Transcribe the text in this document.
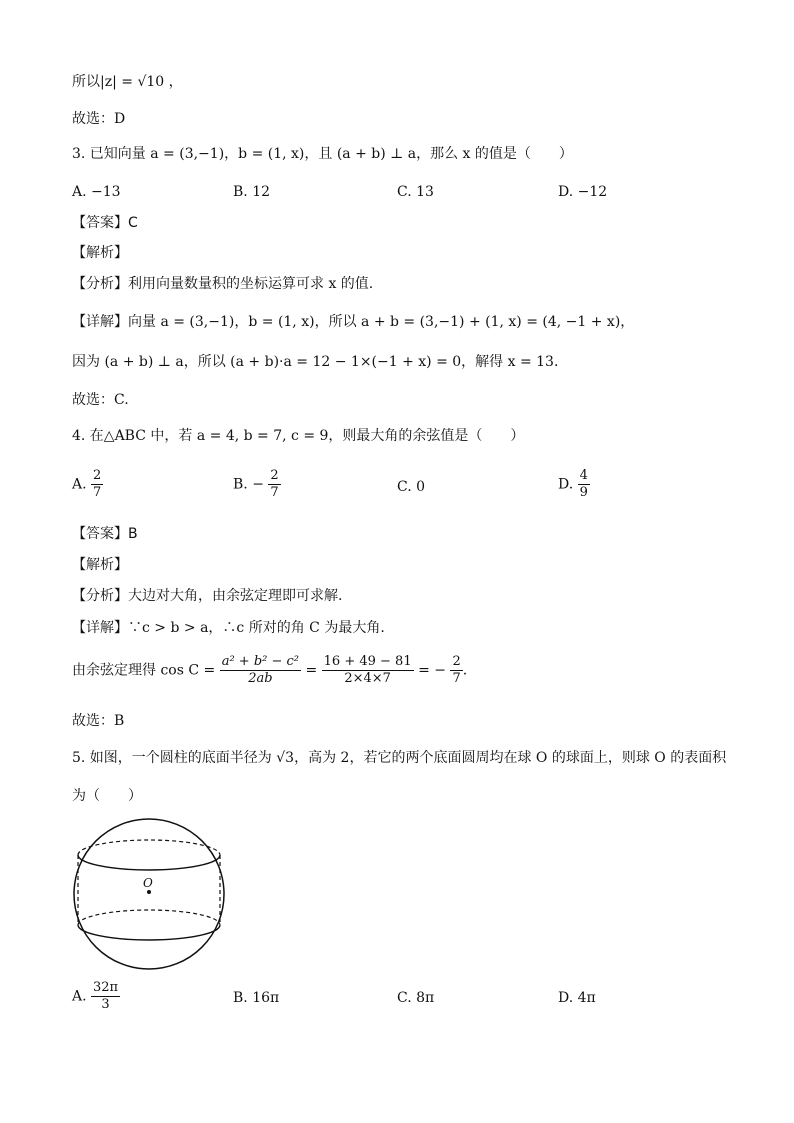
所以|z| = √10 ，
故选：D
3. 已知向量 a = (3,−1)，b = (1, x)，且 (a + b) ⊥ a，那么 x 的值是（　　）
A. −13	B. 12	C. 13	D. −12
【答案】C
【解析】
【分析】利用向量数量积的坐标运算可求 x 的值.
【详解】向量 a = (3,−1)，b = (1, x)，所以 a + b = (3,−1) + (1, x) = (4, −1 + x)，
因为 (a + b) ⊥ a，所以 (a + b)·a = 12 − 1×(−1 + x) = 0，解得 x = 13.
故选：C.
4. 在△ABC 中，若 a = 4, b = 7, c = 9，则最大角的余弦值是（　　）
A. $\frac{2}{7}$	B. − $\frac{2}{7}$	C. 0	D. $\frac{4}{9}$
【答案】B
【解析】
【分析】大边对大角，由余弦定理即可求解.
【详解】∵c > b > a，∴c 所对的角 C 为最大角.
由余弦定理得 $\cos C = \frac{\text{a² + b² − c²}}{2ab} = \frac{16 + 49 - 81}{2\times 4\times 7}$ = − $\frac{2}{7}$ .
故选：B
5. 如图，一个圆柱的底面半径为 √3，高为 2，若它的两个底面圆周均在球 O 的球面上，则球 O 的表面积
为（　　）
O
A. $\frac{32\pi}{3}$	B. 16π	C. 8π	D. 4π
